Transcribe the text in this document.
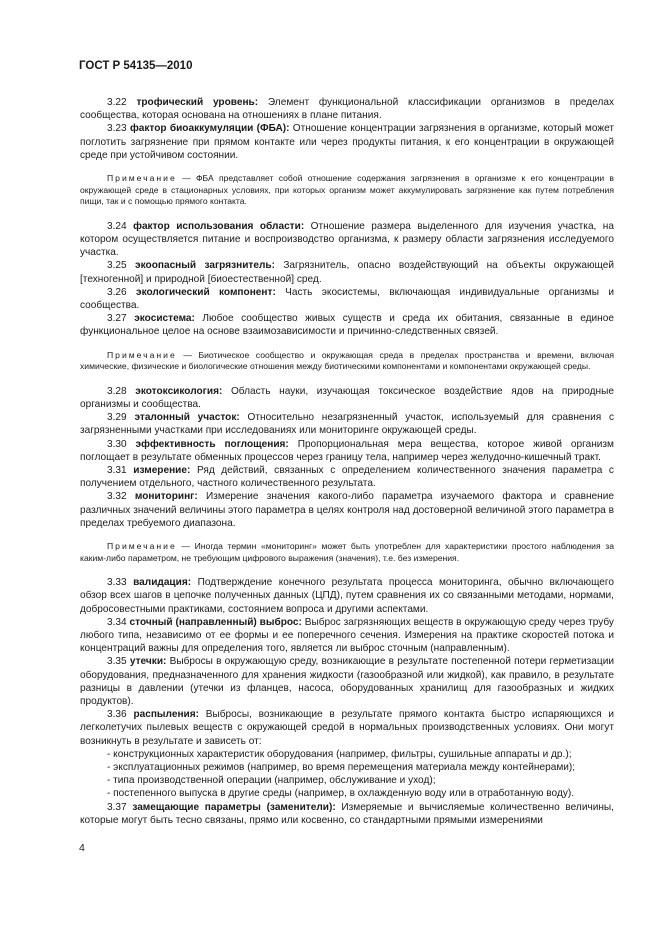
ГОСТ Р 54135—2010

3.22 трофический уровень: Элемент функциональной классификации организмов в пределах сообщества, которая основана на отношениях в плане питания.

3.23 фактор биоаккумуляции (ФБА): Отношение концентрации загрязнения в организме, который может поглотить загрязнение при прямом контакте или через продукты питания, к его концентрации в окружающей среде при устойчивом состоянии.

Примечание — ФБА представляет собой отношение содержания загрязнения в организме к его концентрации в окружающей среде в стационарных условиях, при которых организм может аккумулировать загрязнение как путем потребления пищи, так и с помощью прямого контакта.

3.24 фактор использования области: Отношение размера выделенного для изучения участка, на котором осуществляется питание и воспроизводство организма, к размеру области загрязнения исследуемого участка.

3.25 экоопасный загрязнитель: Загрязнитель, опасно воздействующий на объекты окружающей [техногенной] и природной [биоестественной] сред.

3.26 экологический компонент: Часть экосистемы, включающая индивидуальные организмы и сообщества.

3.27 экосистема: Любое сообщество живых существ и среда их обитания, связанные в единое функциональное целое на основе взаимозависимости и причинно-следственных связей.

Примечание — Биотическое сообщество и окружающая среда в пределах пространства и времени, включая химические, физические и биологические отношения между биотическими компонентами и компонентами окружающей среды.

3.28 экотоксикология: Область науки, изучающая токсическое воздействие ядов на природные организмы и сообщества.

3.29 эталонный участок: Относительно незагрязненный участок, используемый для сравнения с загрязненными участками при исследованиях или мониторинге окружающей среды.

3.30 эффективность поглощения: Пропорциональная мера вещества, которое живой организм поглощает в результате обменных процессов через границу тела, например через желудочно-кишечный тракт.

3.31 измерение: Ряд действий, связанных с определением количественного значения параметра с получением отдельного, частного количественного результата.

3.32 мониторинг: Измерение значения какого-либо параметра изучаемого фактора и сравнение различных значений величины этого параметра в целях контроля над достоверной величиной этого параметра в пределах требуемого диапазона.

Примечание — Иногда термин «мониторинг» может быть употреблен для характеристики простого наблюдения за каким-либо параметром, не требующим цифрового выражения (значения), т.е. без измерения.

3.33 валидация: Подтверждение конечного результата процесса мониторинга, обычно включающего обзор всех шагов в цепочке полученных данных (ЦПД), путем сравнения их со связанными методами, нормами, добросовестными практиками, состоянием вопроса и другими аспектами.

3.34 сточный (направленный) выброс: Выброс загрязняющих веществ в окружающую среду через трубу любого типа, независимо от ее формы и ее поперечного сечения. Измерения на практике скоростей потока и концентраций важны для определения того, является ли выброс сточным (направленным).

3.35 утечки: Выбросы в окружающую среду, возникающие в результате постепенной потери герметизации оборудования, предназначенного для хранения жидкости (газообразной или жидкой), как правило, в результате разницы в давлении (утечки из фланцев, насоса, оборудованных хранилищ для газообразных и жидких продуктов).

3.36 распыления: Выбросы, возникающие в результате прямого контакта быстро испаряющихся и легколетучих пылевых веществ с окружающей средой в нормальных производственных условиях. Они могут возникнуть в результате и зависеть от:

- конструкционных характеристик оборудования (например, фильтры, сушильные аппараты и др.);

- эксплуатационных режимов (например, во время перемещения материала между контейнерами);

- типа производственной операции (например, обслуживание и уход);

- постепенного выпуска в другие среды (например, в охлажденную воду или в отработанную воду).

3.37 замещающие параметры (заменители): Измеряемые и вычисляемые количественно величины, которые могут быть тесно связаны, прямо или косвенно, со стандартными прямыми измерениями

4
